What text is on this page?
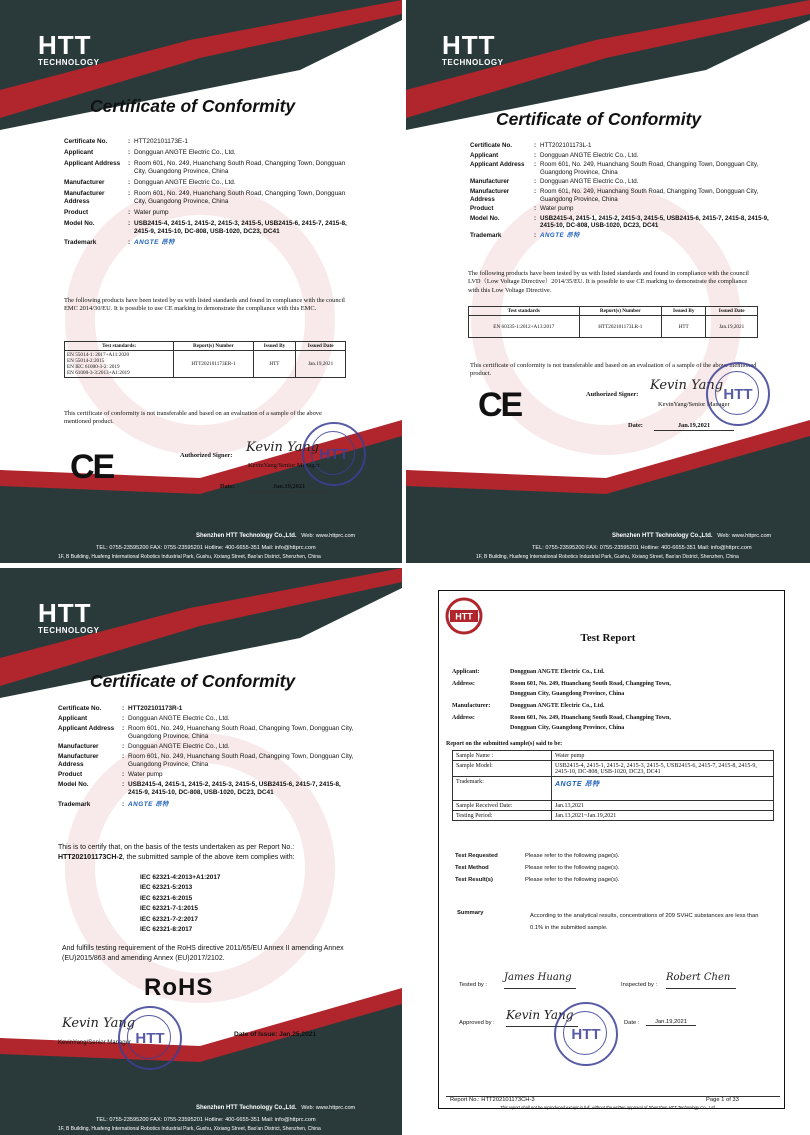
HTT
TECHNOLOGY
Certificate of Conformity
Certificate No.	: HTT202101173E-1
Applicant	: Dongguan ANGTE Electric Co., Ltd.
Applicant Address	: Room 601, No. 249, Huanchang South Road, Changping Town, Dongguan City, Guangdong Province, China
Manufacturer	: Dongguan ANGTE Electric Co., Ltd.
Manufacturer Address
: Room 601, No. 249, Huanchang South Road, Changping Town, Dongguan City, Guangdong Province, China
Product	: Water pump
Model No.	: USB2415-4, 2415-1, 2415-2, 2415-3, 2415-5, USB2415-6, 2415-7, 2415-8, 2415-9, 2415-10, DC-808, USB-1020, DC23, DC41
Trademark	: ANGTE 昂特
The following products have been tested by us with listed standards and found in compliance with the council EMC 2014/30/EU. It is possible to use CE marking to demonstrate the compliance with this EMC.
Test standards:	Report(s) Number	Issued By	Issued Date

EN 55014-1: 2017+A11:2020
EN 55014-2:2015
EN IEC 61000-3-2: 2019
EN 61000-3-3:2013+A1:2019	HTT202101173ER-1	HTT	Jan.19,2021
This certificate of conformity is not transferable and based on an evaluation of a sample of the above mentioned product.
CE	Authorized Signer:
Kevin Yang
KevinYang/Senior Manager
HTT
Date:	Jan.19,2021
Shenzhen HTT Technology Co.,Ltd. Web: www.httprc.com
TEL: 0755-23595200 FAX: 0755-23595201 Hotline: 400-6655-351 Mail: info@httprc.com
1F, B Building, Huafeng International Robotics Industrial Park, Gushu, Xixiang Street, Bao'an District, Shenzhen, China
HTT
TECHNOLOGY
Certificate of Conformity
Certificate No.	: HTT202101173L-1
Applicant	: Dongguan ANGTE Electric Co., Ltd.
Applicant Address	: Room 601, No. 249, Huanchang South Road, Changping Town, Dongguan City, Guangdong Province, China
Manufacturer	: Dongguan ANGTE Electric Co., Ltd.
Manufacturer Address
: Room 601, No. 249, Huanchang South Road, Changping Town, Dongguan City, Guangdong Province, China
Product	: Water pump
Model No.	: USB2415-4, 2415-1, 2415-2, 2415-3, 2415-5, USB2415-6, 2415-7, 2415-8, 2415-9, 2415-10, DC-808, USB-1020, DC23, DC41
Trademark	: ANGTE 昂特
The following products have been tested by us with listed standards and found in compliance with the council LVD（Low Voltage Directive）2014/35/EU. It is possible to use CE marking to demonstrate the compliance with this Low Voltage Directive.
Test standards	Report(s) Number	Issued By	Issued Date
EN 60335-1:2012+A13:2017	HTT202101173LR-1	HTT	Jan.19,2021
This certificate of conformity is not transferable and based on an evaluation of a sample of the above mentioned product.
CE	Authorized Signer:
Kevin Yang
KevinYang/Senior Manager
HTT
Date:	Jan.19,2021
Shenzhen HTT Technology Co.,Ltd. Web: www.httprc.com
TEL: 0755-23595200 FAX: 0755-23595201 Hotline: 400-6655-351 Mail: info@httprc.com
1F, B Building, Huafeng International Robotics Industrial Park, Gushu, Xixiang Street, Bao'an District, Shenzhen, China
HTT
TECHNOLOGY
Certificate of Conformity
Certificate No.	: HTT202101173R-1
Applicant	: Dongguan ANGTE Electric Co., Ltd.
Applicant Address	: Room 601, No. 249, Huanchang South Road, Changping Town, Dongguan City, Guangdong Province, China
Manufacturer	: Dongguan ANGTE Electric Co., Ltd.
Manufacturer Address
: Room 601, No. 249, Huanchang South Road, Changping Town, Dongguan City, Guangdong Province, China
Product	: Water pump
Model No.	: USB2415-4, 2415-1, 2415-2, 2415-3, 2415-5, USB2415-6, 2415-7, 2415-8, 2415-9, 2415-10, DC-808, USB-1020, DC23, DC41
Trademark	: ANGTE 昂特
This is to certify that, on the basis of the tests undertaken as per Report No.:
HTT202101173CH-2, the submitted sample of the above item complies with:
IEC 62321-4:2013+A1:2017
IEC 62321-5:2013
IEC 62321-6:2015
IEC 62321-7-1:2015
IEC 62321-7-2:2017
IEC 62321-8:2017
And fulfills testing requirement of the RoHS directive 2011/65/EU Annex II amending Annex (EU)2015/863 and amending Annex (EU)2017/2102.
RoHS
Kevin Yang
KevinYang/Senior Manager HTT	Date of Issue: Jan.25,2021
Shenzhen HTT Technology Co.,Ltd. Web: www.httprc.com
TEL: 0755-23595200 FAX: 0755-23595201 Hotline: 400-6655-351 Mail: info@httprc.com
1F, B Building, Huafeng International Robotics Industrial Park, Gushu, Xixiang Street, Bao'an District, Shenzhen, China
HTT
Test Report
Applicant:	Dongguan ANGTE Electric Co., Ltd.
Address:	Room 601, No. 249, Huanchang South Road, Changping Town,
Dongguan City, Guangdong Province, China
Manufacturer:	Dongguan ANGTE Electric Co., Ltd.
Address:	Room 601, No. 249, Huanchang South Road, Changping Town,
Dongguan City, Guangdong Province, China
Report on the submitted sample(s) said to be:
Sample Name :	Water pump
Sample Model:	USB2415-4, 2415-1, 2415-2, 2415-3, 2415-5, USB2415-6, 2415-7, 2415-8, 2415-9, 2415-10, DC-808, USB-1020, DC23, DC41
Trademark:	ANGTE 昂特
Sample Received Date:	Jan.13,2021
Testing Period:	Jan.13,2021~Jan.19,2021
Test Requested	Please refer to the following page(s).
Test Method	Please refer to the following page(s).
Test Result(s)	Please refer to the following page(s).
Summary	According to the analytical results, concentrations of 209 SVHC substances are less than 0.1% in the submitted sample.
Tested by :
James Huang
Inspected by :
Robert Chen
Approved by :
Kevin Yang
HTT
Date :	Jan.19,2021
Report No.: HTT202101173CH-3	Page 1 of 33
This report shall not be reproduced except in full, without the written approval of Shenzhen HTT Technology Co., Ltd.
